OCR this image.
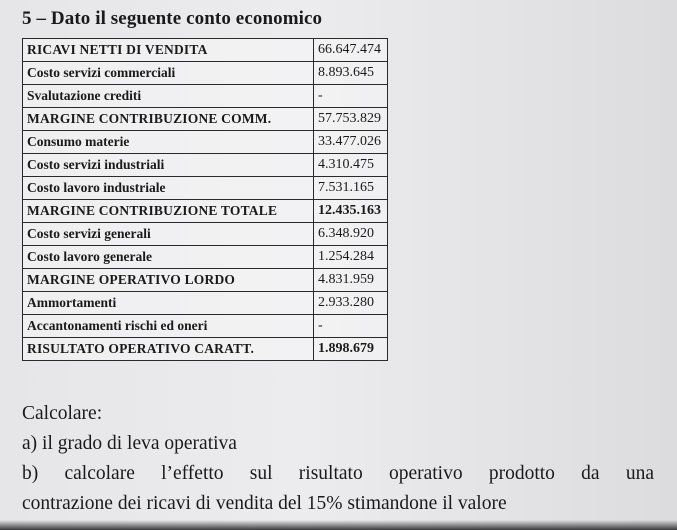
5 – Dato il seguente conto economico
RICAVI NETTI DI VENDITA	66.647.474
Costo servizi commerciali	8.893.645
Svalutazione crediti	-
MARGINE CONTRIBUZIONE COMM.	57.753.829
Consumo materie	33.477.026
Costo servizi industriali	4.310.475
Costo lavoro industriale	7.531.165
MARGINE CONTRIBUZIONE TOTALE	12.435.163
Costo servizi generali	6.348.920
Costo lavoro generale	1.254.284
MARGINE OPERATIVO LORDO	4.831.959
Ammortamenti	2.933.280
Accantonamenti rischi ed oneri	-
RISULTATO OPERATIVO CARATT.	1.898.679
Calcolare:
a) il grado di leva operativa
b) calcolare l’effetto sul risultato operativo prodotto da una
contrazione dei ricavi di vendita del 15% stimandone il valore
